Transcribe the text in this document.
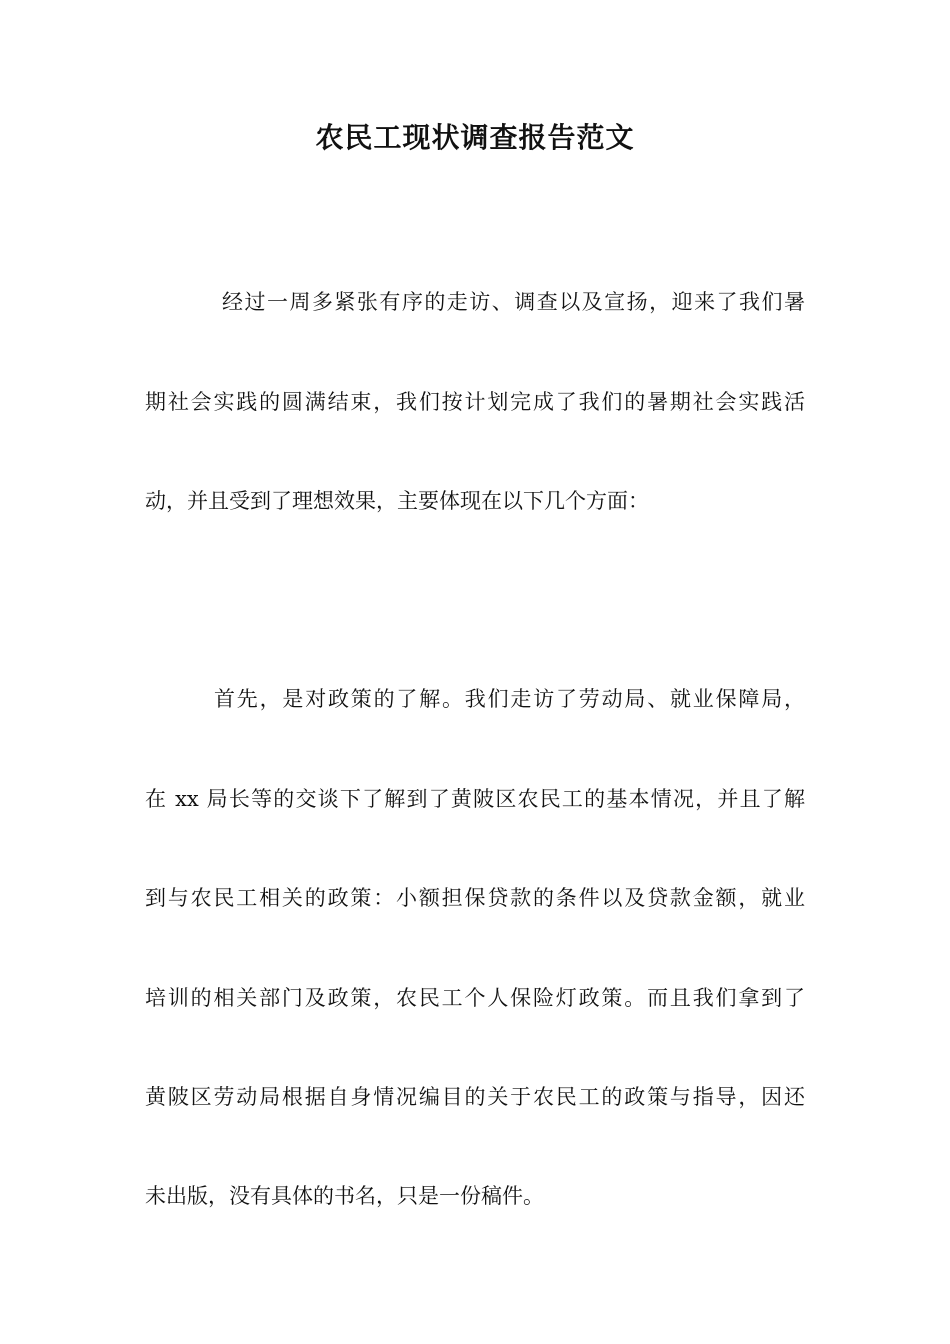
农民工现状调查报告范文

经过一周多紧张有序的走访、调查以及宣扬，迎来了我们暑

期社会实践的圆满结束，我们按计划完成了我们的暑期社会实践活

动，并且受到了理想效果，主要体现在以下几个方面：

首先，是对政策的了解。我们走访了劳动局、就业保障局，

在 xx 局长等的交谈下了解到了黄陂区农民工的基本情况，并且了解

到与农民工相关的政策：小额担保贷款的条件以及贷款金额，就业

培训的相关部门及政策，农民工个人保险灯政策。而且我们拿到了

黄陂区劳动局根据自身情况编目的关于农民工的政策与指导，因还

未出版，没有具体的书名，只是一份稿件。
